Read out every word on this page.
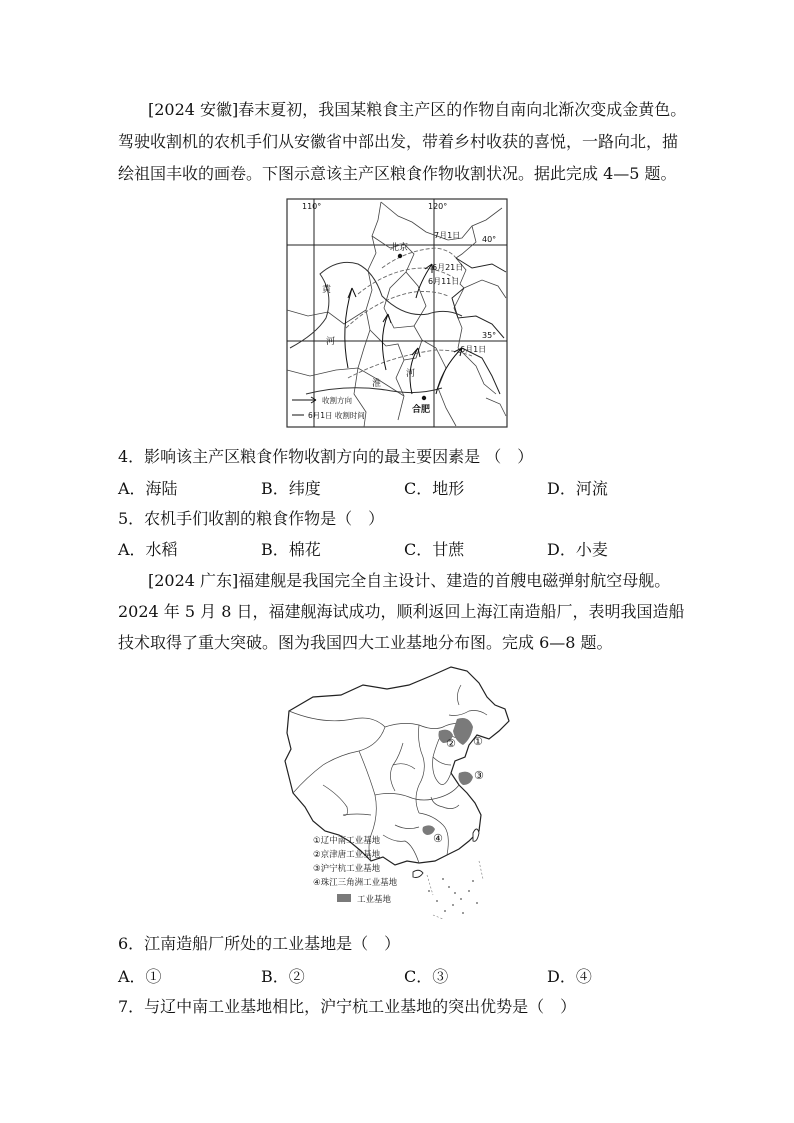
[2024 安徽]春末夏初，我国某粮食主产区的作物自南向北渐次变成金黄色。
驾驶收割机的农机手们从安徽省中部出发，带着乡村收获的喜悦，一路向北，描
绘祖国丰收的画卷。下图示意该主产区粮食作物收割状况。据此完成 4—5 题。
110°	120°
40°
35°
北京
合肥
7月1日
6月21日
6月11日
6月1日
黄
河
淮
河
收割方向
6月1日 收割时间
4．影响该主产区粮食作物收割方向的最主要因素是 （　）
A．海陆	B．纬度	C．地形	D．河流
5．农机手们收割的粮食作物是（　）
A．水稻	B．棉花	C．甘蔗	D．小麦
[2024 广东]福建舰是我国完全自主设计、建造的首艘电磁弹射航空母舰。
2024 年 5 月 8 日，福建舰海试成功，顺利返回上海江南造船厂，表明我国造船
技术取得了重大突破。图为我国四大工业基地分布图。完成 6—8 题。
①
②
③
④
①辽中南工业基地
②京津唐工业基地
③沪宁杭工业基地
④珠江三角洲工业基地
工业基地
6．江南造船厂所处的工业基地是（　）
A．①	B．②	C．③	D．④
7．与辽中南工业基地相比，沪宁杭工业基地的突出优势是（　）
